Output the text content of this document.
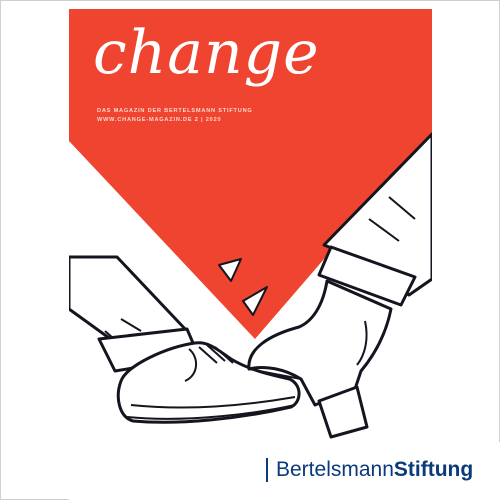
change
DAS MAGAZIN DER BERTELSMANN STIFTUNG
WWW.CHANGE-MAGAZIN.DE 2 | 2020
BertelsmannStiftung
